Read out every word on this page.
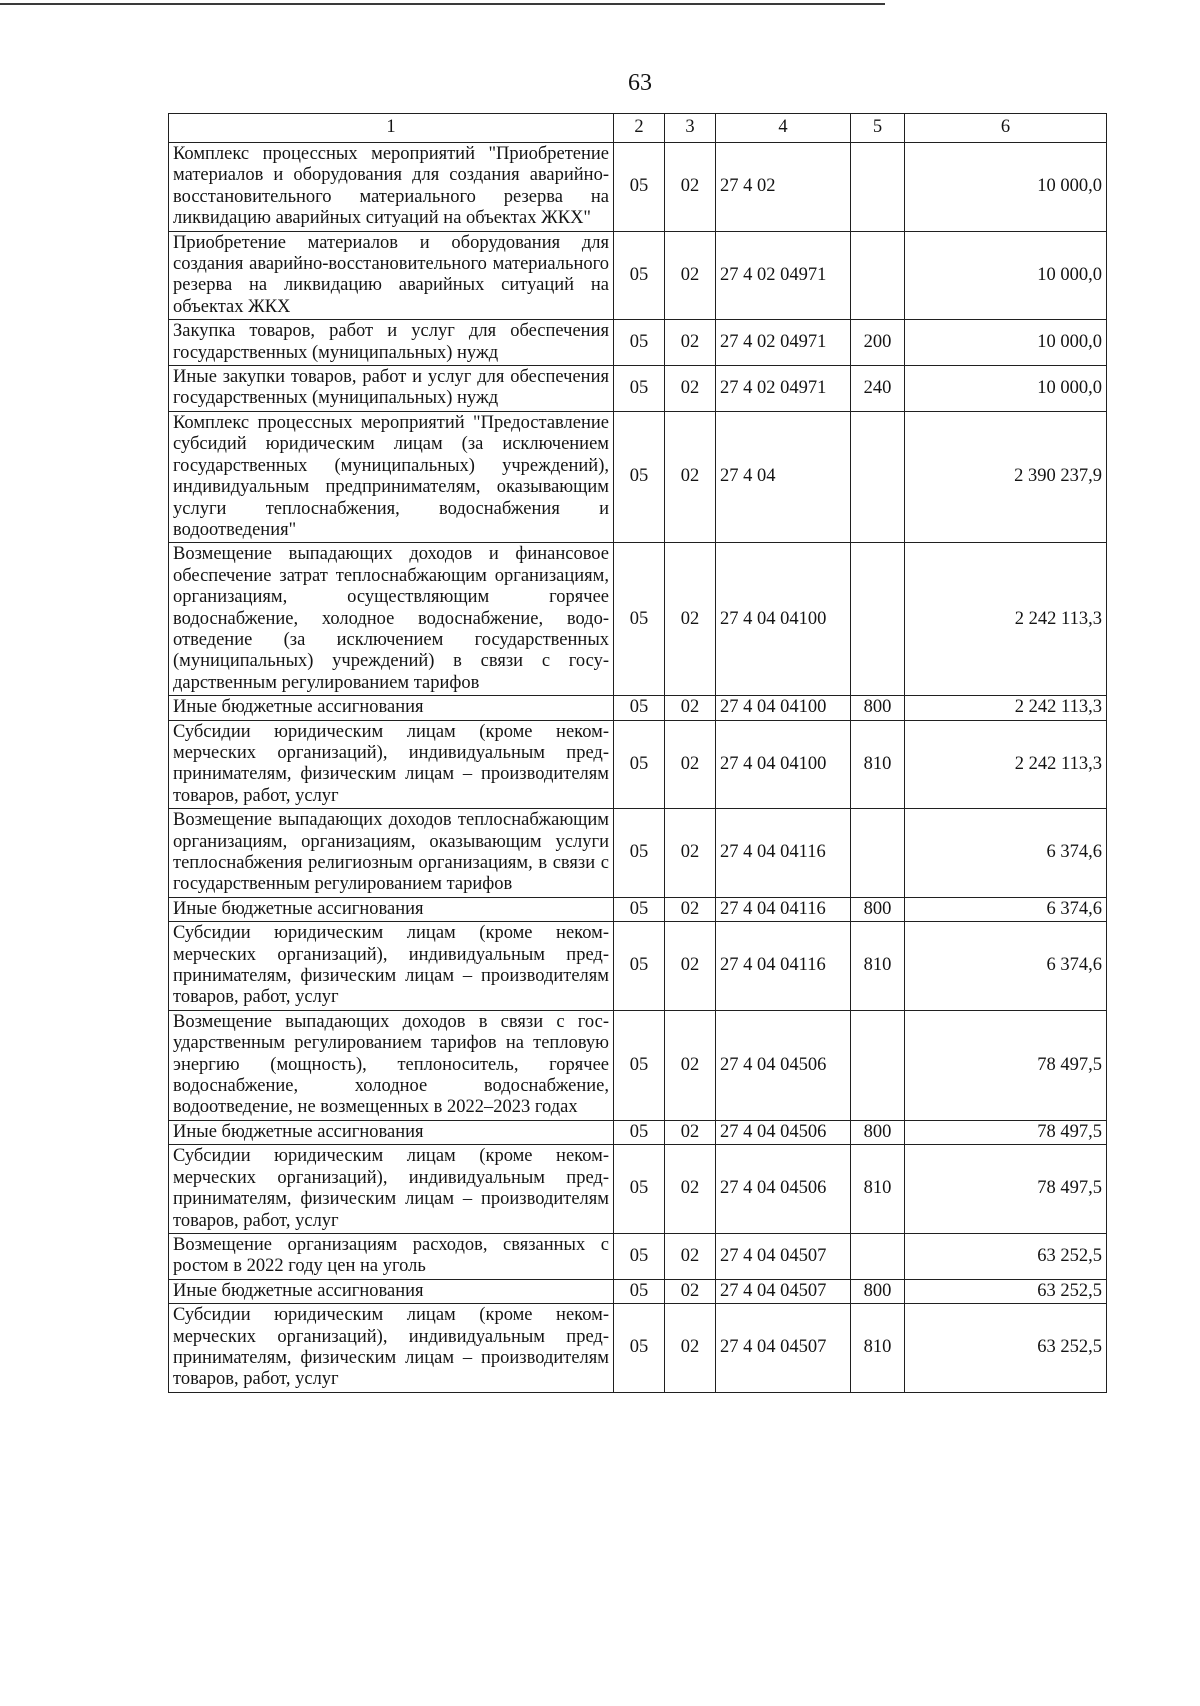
63
1	2	3	4	5	6
Комплекс процессных мероприятий "Приобретение материалов и оборудования для создания аварийно-восстановительного материального резерва на ликвидацию аварийных ситуаций на объектах ЖКХ"	05	02	27 4 02		10 000,0
Приобретение материалов и оборудования для создания аварийно-восстановительного материального резерва на ликвидацию аварийных ситуаций на объектах ЖКХ	05	02	27 4 02 04971		10 000,0
Закупка товаров, работ и услуг для обеспечения государственных (муниципальных) нужд	05	02	27 4 02 04971	200	10 000,0
Иные закупки товаров, работ и услуг для обеспечения государственных (муниципальных) нужд	05	02	27 4 02 04971	240	10 000,0
Комплекс процессных мероприятий "Предоставление субсидий юридическим лицам (за исключением государственных (муниципальных) учреждений), индивидуальным предпринимателям, оказывающим услуги теплоснабжения, водоснабжения и водоотведения"	05	02	27 4 04		2 390 237,9
Возмещение выпадающих доходов и финансовое обеспечение затрат теплоснабжающим организациям, организациям, осуществляющим горячее водоснабжение, холодное водоснабжение, водоотведение (за исключением государственных (муниципальных) учреждений) в связи с государственным регулированием тарифов	05	02	27 4 04 04100		2 242 113,3
Иные бюджетные ассигнования	05	02	27 4 04 04100	800	2 242 113,3
Субсидии юридическим лицам (кроме некоммерческих организаций), индивидуальным предпринимателям, физическим лицам – производителям товаров, работ, услуг	05	02	27 4 04 04100	810	2 242 113,3
Возмещение выпадающих доходов теплоснабжающим организациям, организациям, оказывающим услуги теплоснабжения религиозным организациям, в связи с государственным регулированием тарифов	05	02	27 4 04 04116		6 374,6
Иные бюджетные ассигнования	05	02	27 4 04 04116	800	6 374,6
Субсидии юридическим лицам (кроме некоммерческих организаций), индивидуальным предпринимателям, физическим лицам – производителям товаров, работ, услуг	05	02	27 4 04 04116	810	6 374,6
Возмещение выпадающих доходов в связи с государственным регулированием тарифов на тепловую энергию (мощность), теплоноситель, горячее водоснабжение, холодное водоснабжение, водоотведение, не возмещенных в 2022–2023 годах	05	02	27 4 04 04506		78 497,5
Иные бюджетные ассигнования	05	02	27 4 04 04506	800	78 497,5
Субсидии юридическим лицам (кроме некоммерческих организаций), индивидуальным предпринимателям, физическим лицам – производителям товаров, работ, услуг	05	02	27 4 04 04506	810	78 497,5
Возмещение организациям расходов, связанных с ростом в 2022 году цен на уголь	05	02	27 4 04 04507		63 252,5
Иные бюджетные ассигнования	05	02	27 4 04 04507	800	63 252,5
Субсидии юридическим лицам (кроме некоммерческих организаций), индивидуальным предпринимателям, физическим лицам – производителям товаров, работ, услуг	05	02	27 4 04 04507	810	63 252,5
